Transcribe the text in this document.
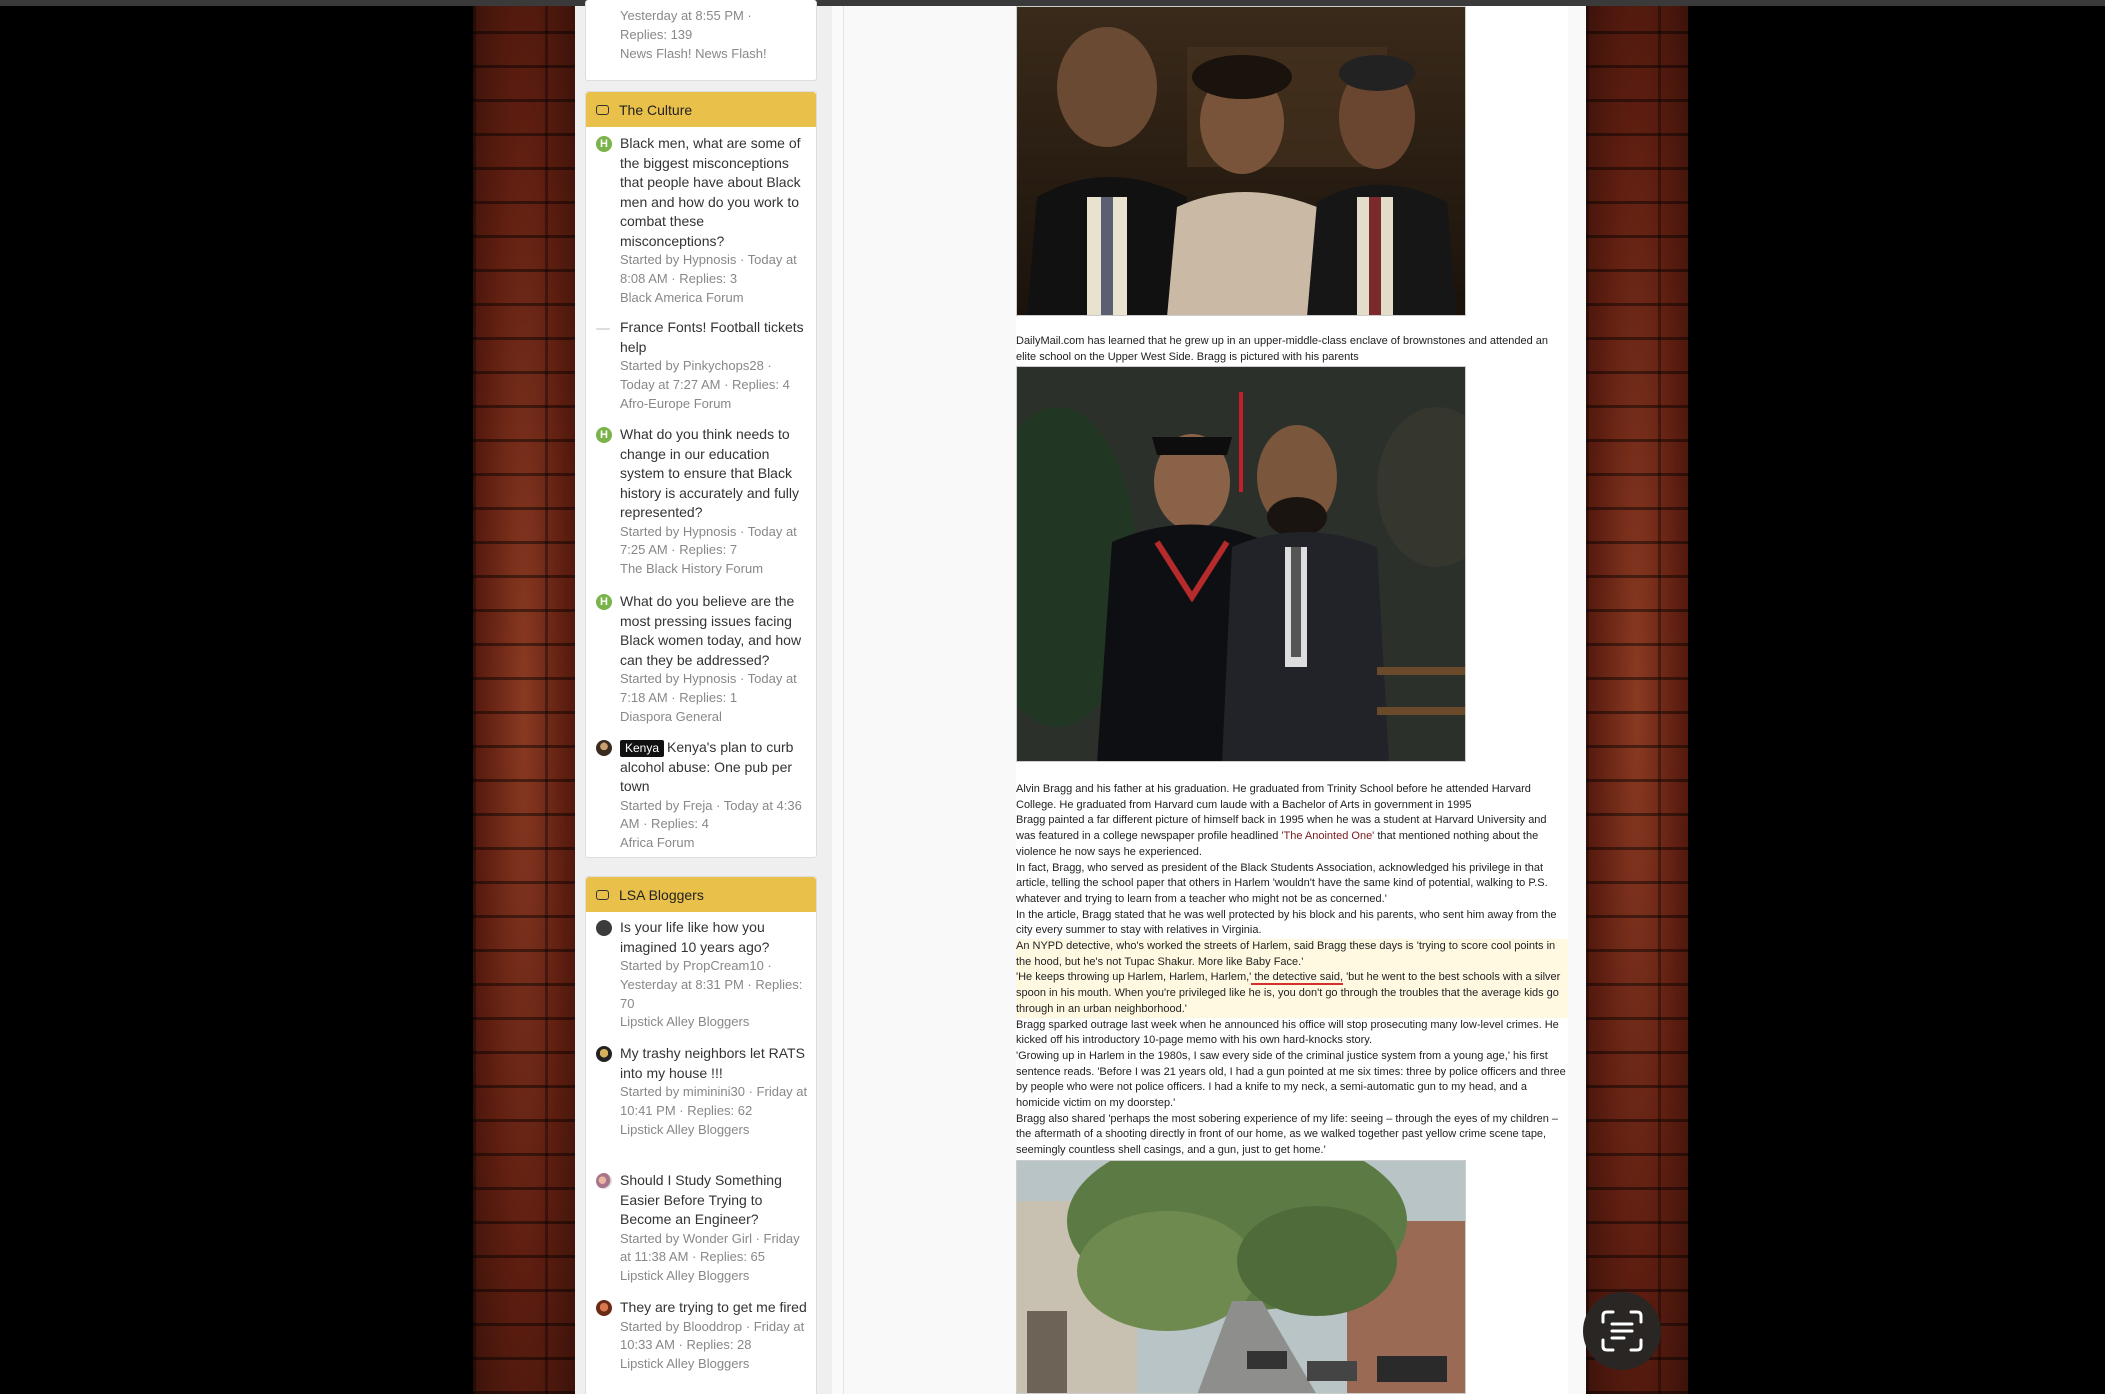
Yesterday at 8:55 PM ·
Replies: 139
News Flash! News Flash!
The Culture
H Black men, what are some of the biggest misconceptions that people have about Black men and how do you work to combat these misconceptions?
Started by Hypnosis · Today at 8:08 AM · Replies: 3
Black America Forum
France Fonts! Football tickets help
Started by Pinkychops28 · Today at 7:27 AM · Replies: 4
Afro-Europe Forum
H What do you think needs to change in our education system to ensure that Black history is accurately and fully represented?
Started by Hypnosis · Today at 7:25 AM · Replies: 7
The Black History Forum
H What do you believe are the most pressing issues facing Black women today, and how can they be addressed?
Started by Hypnosis · Today at 7:18 AM · Replies: 1
Diaspora General
Kenya Kenya's plan to curb alcohol abuse: One pub per town
Started by Freja · Today at 4:36 AM · Replies: 4
Africa Forum
LSA Bloggers
Is your life like how you imagined 10 years ago?
Started by PropCream10 · Yesterday at 8:31 PM · Replies: 70
Lipstick Alley Bloggers
My trashy neighbors let RATS into my house !!!
Started by miminini30 · Friday at 10:41 PM · Replies: 62
Lipstick Alley Bloggers
Should I Study Something Easier Before Trying to Become an Engineer?
Started by Wonder Girl · Friday at 11:38 AM · Replies: 65
Lipstick Alley Bloggers
They are trying to get me fired
Started by Blooddrop · Friday at 10:33 AM · Replies: 28
Lipstick Alley Bloggers
DailyMail.com has learned that he grew up in an upper-middle-class enclave of brownstones and attended an elite school on the Upper West Side. Bragg is pictured with his parents
Alvin Bragg and his father at his graduation. He graduated from Trinity School before he attended Harvard College. He graduated from Harvard cum laude with a Bachelor of Arts in government in 1995
Bragg painted a far different picture of himself back in 1995 when he was a student at Harvard University and was featured in a college newspaper profile headlined 'The Anointed One' that mentioned nothing about the violence he now says he experienced.
In fact, Bragg, who served as president of the Black Students Association, acknowledged his privilege in that article, telling the school paper that others in Harlem 'wouldn't have the same kind of potential, walking to P.S. whatever and trying to learn from a teacher who might not be as concerned.'
In the article, Bragg stated that he was well protected by his block and his parents, who sent him away from the city every summer to stay with relatives in Virginia.
An NYPD detective, who's worked the streets of Harlem, said Bragg these days is 'trying to score cool points in the hood, but he's not Tupac Shakur. More like Baby Face.'
'He keeps throwing up Harlem, Harlem, Harlem,' the detective said, 'but he went to the best schools with a silver spoon in his mouth. When you're privileged like he is, you don't go through the troubles that the average kids go through in an urban neighborhood.'
Bragg sparked outrage last week when he announced his office will stop prosecuting many low-level crimes. He kicked off his introductory 10-page memo with his own hard-knocks story.
'Growing up in Harlem in the 1980s, I saw every side of the criminal justice system from a young age,' his first sentence reads. 'Before I was 21 years old, I had a gun pointed at me six times: three by police officers and three by people who were not police officers. I had a knife to my neck, a semi-automatic gun to my head, and a homicide victim on my doorstep.'
Bragg also shared 'perhaps the most sobering experience of my life: seeing – through the eyes of my children – the aftermath of a shooting directly in front of our home, as we walked together past yellow crime scene tape, seemingly countless shell casings, and a gun, just to get home.'
